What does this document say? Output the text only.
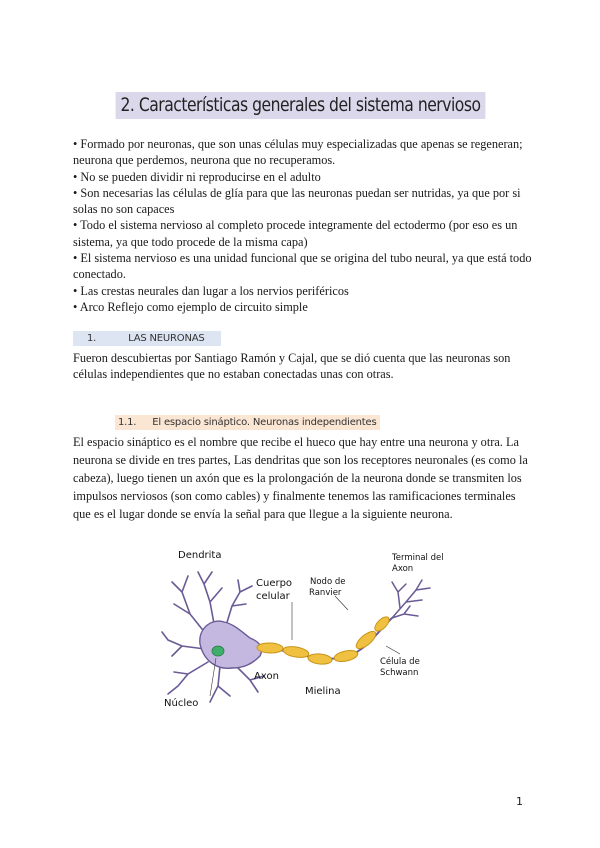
2. Características generales del sistema nervioso

• Formado por neuronas, que son unas células muy especializadas que apenas se regeneran; neurona que perdemos, neurona que no recuperamos.

• No se pueden dividir ni reproducirse en el adulto

• Son necesarias las células de glía para que las neuronas puedan ser nutridas, ya que por si solas no son capaces

• Todo el sistema nervioso al completo procede integramente del ectodermo (por eso es un sistema, ya que todo procede de la misma capa)

• El sistema nervioso es una unidad funcional que se origina del tubo neural, ya que está todo conectado.

• Las crestas neurales dan lugar a los nervios periféricos

• Arco Reflejo como ejemplo de circuito simple

1.	LAS NEURONAS

Fueron descubiertas por Santiago Ramón y Cajal, que se dió cuenta que las neuronas son células independientes que no estaban conectadas unas con otras.

1.1. El espacio sináptico. Neuronas independientes

El espacio sináptico es el nombre que recibe el hueco que hay entre una neurona y otra. La neurona se divide en tres partes, Las dendritas que son los receptores neuronales (es como la cabeza), luego tienen un axón que es la prolongación de la neurona donde se transmiten los impulsos nerviosos (son como cables) y finalmente tenemos las ramificaciones terminales que es el lugar donde se envía la señal para que llegue a la siguiente neurona.

Dendrita
Cuerpo
celular
Nodo de
Ranvier
Terminal del
Axon
Axon
Mielina
Célula de
Schwann
Núcleo
1
